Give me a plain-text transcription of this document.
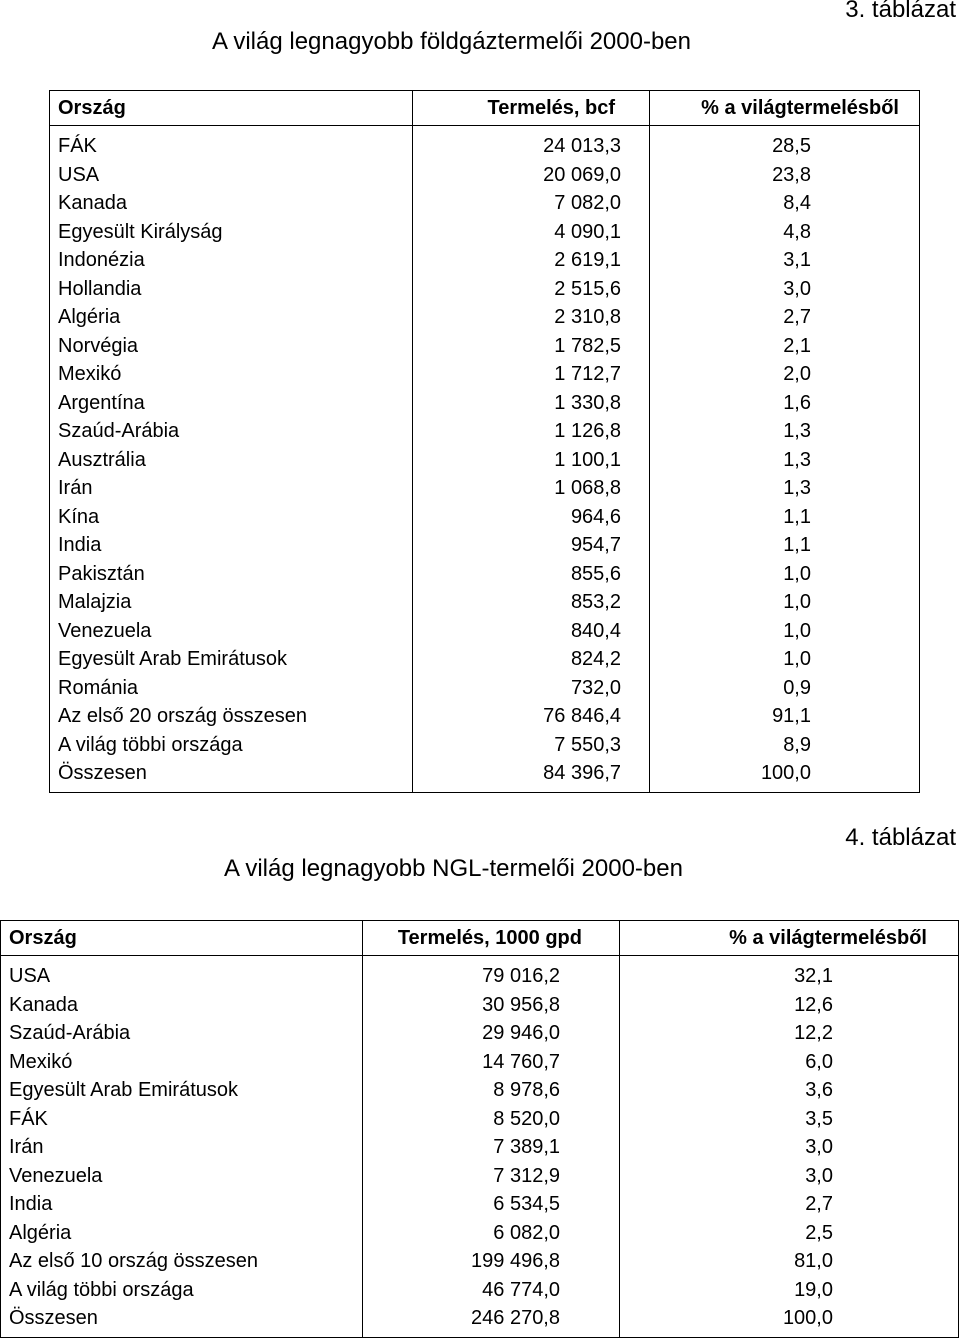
3. táblázat
A világ legnagyobb földgáztermelői 2000-ben
Ország	Termelés, bcf	% a világtermelésből
FÁK	24 013,3	28,5
USA	20 069,0	23,8
Kanada	7 082,0	8,4
Egyesült Királyság	4 090,1	4,8
Indonézia	2 619,1	3,1
Hollandia	2 515,6	3,0
Algéria	2 310,8	2,7
Norvégia	1 782,5	2,1
Mexikó	1 712,7	2,0
Argentína	1 330,8	1,6
Szaúd-Arábia	1 126,8	1,3
Ausztrália	1 100,1	1,3
Irán	1 068,8	1,3
Kína	964,6	1,1
India	954,7	1,1
Pakisztán	855,6	1,0
Malajzia	853,2	1,0
Venezuela	840,4	1,0
Egyesült Arab Emirátusok	824,2	1,0
Románia	732,0	0,9
Az első 20 ország összesen	76 846,4	91,1
A világ többi országa	7 550,3	8,9
Összesen	84 396,7	100,0
4. táblázat
A világ legnagyobb NGL-termelői 2000-ben
Ország	Termelés, 1000 gpd	% a világtermelésből
USA	79 016,2	32,1
Kanada	30 956,8	12,6
Szaúd-Arábia	29 946,0	12,2
Mexikó	14 760,7	6,0
Egyesült Arab Emirátusok	8 978,6	3,6
FÁK	8 520,0	3,5
Irán	7 389,1	3,0
Venezuela	7 312,9	3,0
India	6 534,5	2,7
Algéria	6 082,0	2,5
Az első 10 ország összesen	199 496,8	81,0
A világ többi országa	46 774,0	19,0
Összesen	246 270,8	100,0
